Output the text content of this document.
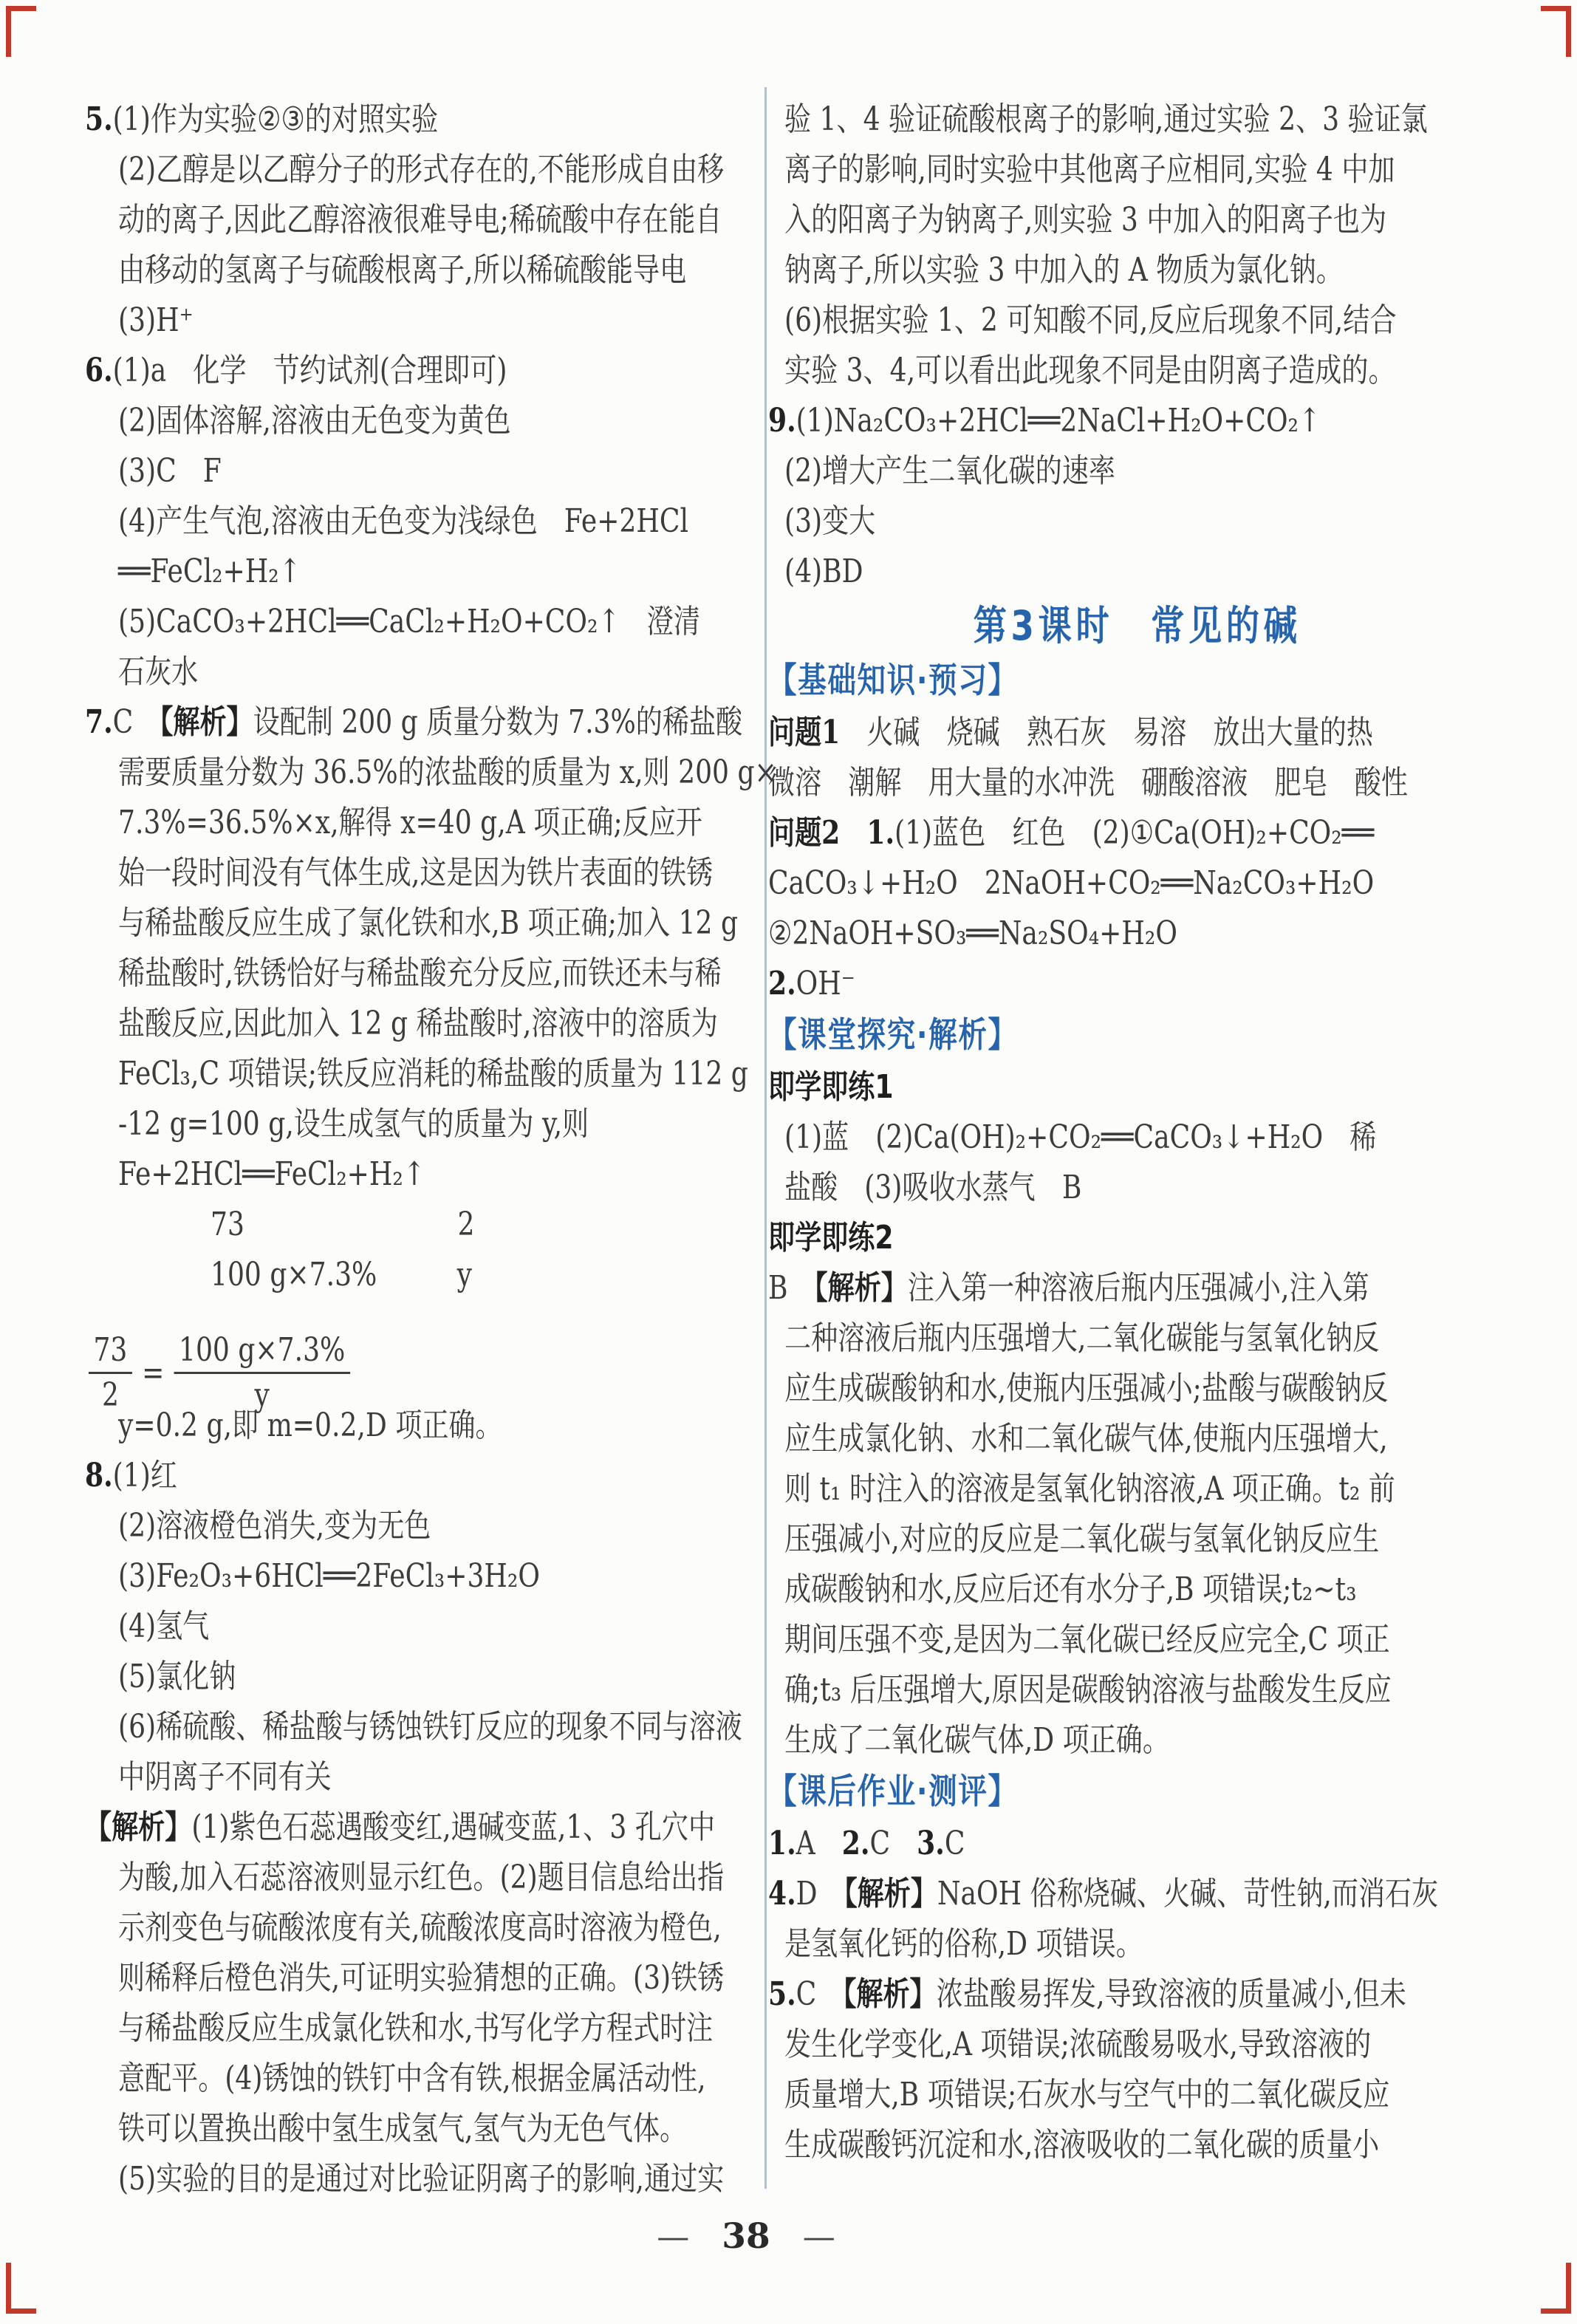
5.(1)作为实验②③的对照实验
(2)乙醇是以乙醇分子的形式存在的,不能形成自由移
动的离子,因此乙醇溶液很难导电;稀硫酸中存在能自
由移动的氢离子与硫酸根离子,所以稀硫酸能导电
(3)H⁺
6.(1)a　化学　节约试剂(合理即可)
(2)固体溶解,溶液由无色变为黄色
(3)C　F
(4)产生气泡,溶液由无色变为浅绿色　Fe+2HCl
══FeCl₂+H₂↑
(5)CaCO₃+2HCl══CaCl₂+H₂O+CO₂↑　澄清
石灰水
7.C　【解析】设配制 200 g 质量分数为 7.3%的稀盐酸
需要质量分数为 36.5%的浓盐酸的质量为 x,则 200 g×
7.3%=36.5%×x,解得 x=40 g,A 项正确;反应开
始一段时间没有气体生成,这是因为铁片表面的铁锈
与稀盐酸反应生成了氯化铁和水,B 项正确;加入 12 g
稀盐酸时,铁锈恰好与稀盐酸充分反应,而铁还未与稀
盐酸反应,因此加入 12 g 稀盐酸时,溶液中的溶质为
FeCl₃,C 项错误;铁反应消耗的稀盐酸的质量为 112 g
-12 g=100 g,设生成氢气的质量为 y,则
Fe+2HCl══FeCl₂+H₂↑
73　　　　　　　　2
100 g×7.3%　　　y
$\frac{73}{2} = \frac{100 g\times 7.3\%}{y}$
y=0.2 g,即 m=0.2,D 项正确。
8.(1)红
(2)溶液橙色消失,变为无色
(3)Fe₂O₃+6HCl══2FeCl₃+3H₂O
(4)氢气
(5)氯化钠
(6)稀硫酸、稀盐酸与锈蚀铁钉反应的现象不同与溶液
中阴离子不同有关
【解析】(1)紫色石蕊遇酸变红,遇碱变蓝,1、3 孔穴中
为酸,加入石蕊溶液则显示红色。(2)题目信息给出指
示剂变色与硫酸浓度有关,硫酸浓度高时溶液为橙色,
则稀释后橙色消失,可证明实验猜想的正确。(3)铁锈
与稀盐酸反应生成氯化铁和水,书写化学方程式时注
意配平。(4)锈蚀的铁钉中含有铁,根据金属活动性,
铁可以置换出酸中氢生成氢气,氢气为无色气体。
(5)实验的目的是通过对比验证阴离子的影响,通过实
验 1、4 验证硫酸根离子的影响,通过实验 2、3 验证氯
离子的影响,同时实验中其他离子应相同,实验 4 中加
入的阳离子为钠离子,则实验 3 中加入的阳离子也为
钠离子,所以实验 3 中加入的 A 物质为氯化钠。
(6)根据实验 1、2 可知酸不同,反应后现象不同,结合
实验 3、4,可以看出此现象不同是由阴离子造成的。
9.(1)Na₂CO₃+2HCl══2NaCl+H₂O+CO₂↑
(2)增大产生二氧化碳的速率
(3)变大
(4)BD
第3课时　常见的碱
【基础知识·预习】
问题1　火碱　烧碱　熟石灰　易溶　放出大量的热
微溶　潮解　用大量的水冲洗　硼酸溶液　肥皂　酸性
问题2　 1.(1)蓝色　红色　(2)①Ca(OH)₂+CO₂══
CaCO₃↓+H₂O　2NaOH+CO₂══Na₂CO₃+H₂O
②2NaOH+SO₃══Na₂SO₄+H₂O
2.OH⁻
【课堂探究·解析】
即学即练1
(1)蓝　(2)Ca(OH)₂+CO₂══CaCO₃↓+H₂O　稀
盐酸　(3)吸收水蒸气　B
即学即练2
B　【解析】注入第一种溶液后瓶内压强减小,注入第
二种溶液后瓶内压强增大,二氧化碳能与氢氧化钠反
应生成碳酸钠和水,使瓶内压强减小;盐酸与碳酸钠反
应生成氯化钠、水和二氧化碳气体,使瓶内压强增大,
则 t₁ 时注入的溶液是氢氧化钠溶液,A 项正确。t₂ 前
压强减小,对应的反应是二氧化碳与氢氧化钠反应生
成碳酸钠和水,反应后还有水分子,B 项错误;t₂~t₃
期间压强不变,是因为二氧化碳已经反应完全,C 项正
确;t₃ 后压强增大,原因是碳酸钠溶液与盐酸发生反应
生成了二氧化碳气体,D 项正确。
【课后作业·测评】
1.A　2.C　3.C
4.D　【解析】NaOH 俗称烧碱、火碱、苛性钠,而消石灰
是氢氧化钙的俗称,D 项错误。
5.C　【解析】浓盐酸易挥发,导致溶液的质量减小,但未
发生化学变化,A 项错误;浓硫酸易吸水,导致溶液的
质量增大,B 项错误;石灰水与空气中的二氧化碳反应
生成碳酸钙沉淀和水,溶液吸收的二氧化碳的质量小
—  38  —
